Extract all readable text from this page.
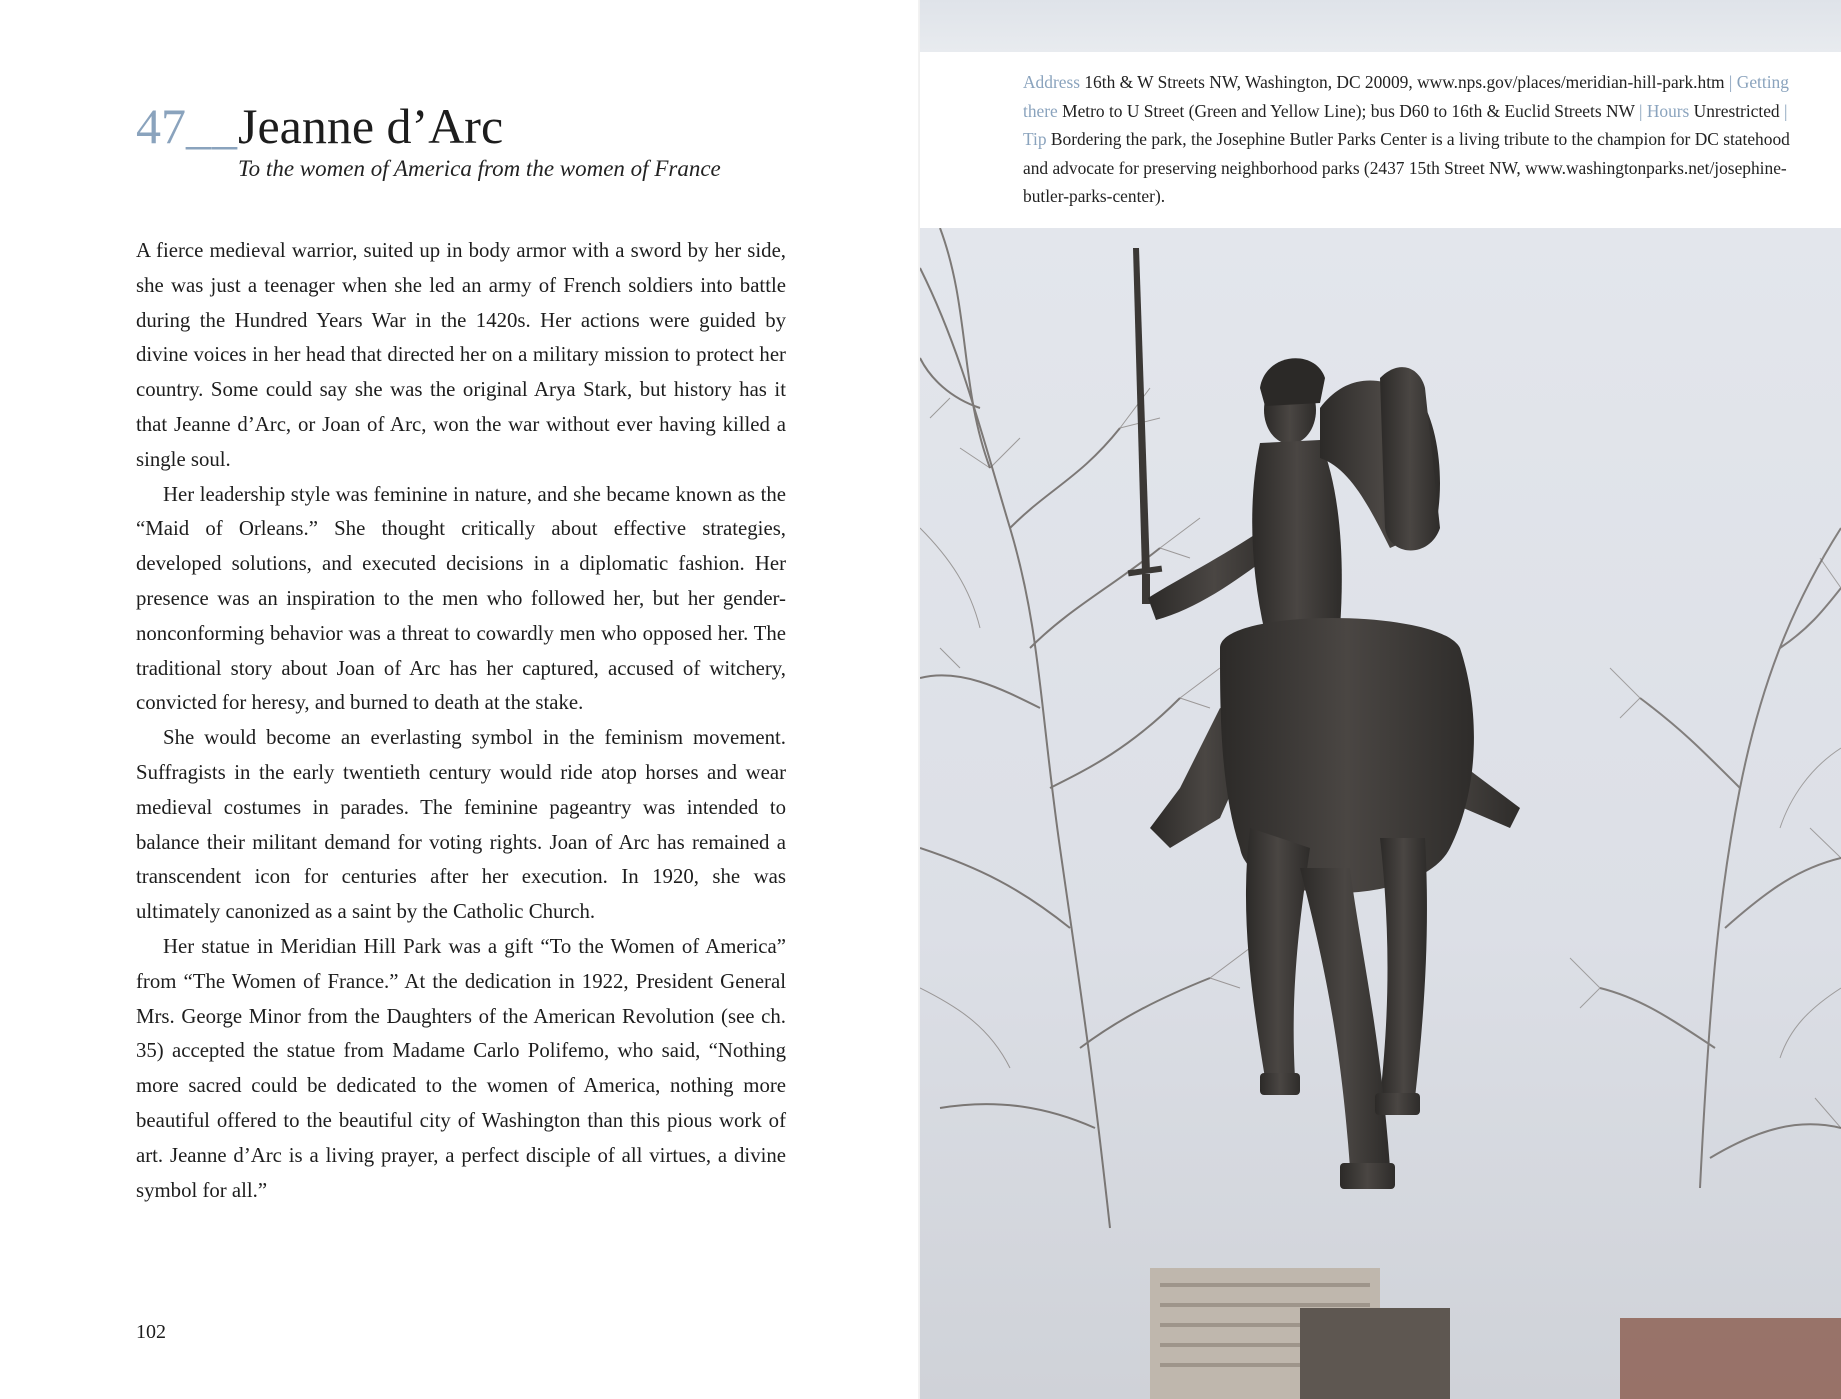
47__Jeanne d’Arc

To the women of America from the women of France

A fierce medieval warrior, suited up in body armor with a sword by her side, she was just a teenager when she led an army of French soldiers into battle during the Hundred Years War in the 1420s. Her actions were guided by divine voices in her head that directed her on a military mission to protect her country. Some could say she was the original Arya Stark, but history has it that Jeanne d’Arc, or Joan of Arc, won the war without ever having killed a single soul.

Her leadership style was feminine in nature, and she became known as the “Maid of Orleans.” She thought critically about effective strategies, developed solutions, and executed decisions in a diplomatic fashion. Her presence was an inspiration to the men who followed her, but her gender-nonconforming behavior was a threat to cowardly men who opposed her. The traditional story about Joan of Arc has her captured, accused of witchery, convicted for heresy, and burned to death at the stake.

She would become an everlasting symbol in the feminism movement. Suffragists in the early twentieth century would ride atop horses and wear medieval costumes in parades. The feminine pageantry was intended to balance their militant demand for voting rights. Joan of Arc has remained a transcendent icon for centuries after her execution. In 1920, she was ultimately canonized as a saint by the Catholic Church.

Her statue in Meridian Hill Park was a gift “To the Women of America” from “The Women of France.” At the dedication in 1922, President General Mrs. George Minor from the Daughters of the American Revolution (see ch. 35) accepted the statue from Madame Carlo Polifemo, who said, “Nothing more sacred could be dedicated to the women of America, nothing more beautiful offered to the beautiful city of Washington than this pious work of art. Jeanne d’Arc is a living prayer, a perfect disciple of all virtues, a divine symbol for all.”

102
Address 16th & W Streets NW, Washington, DC 20009, www.nps.gov/places/meridian-hill-park.htm | Getting there Metro to U Street (Green and Yellow Line); bus D60 to 16th & Euclid Streets NW | Hours Unrestricted | Tip Bordering the park, the Josephine Butler Parks Center is a living tribute to the champion for DC statehood and advocate for preserving neighborhood parks (2437 15th Street NW, www.washingtonparks.net/josephine-butler-parks-center).
